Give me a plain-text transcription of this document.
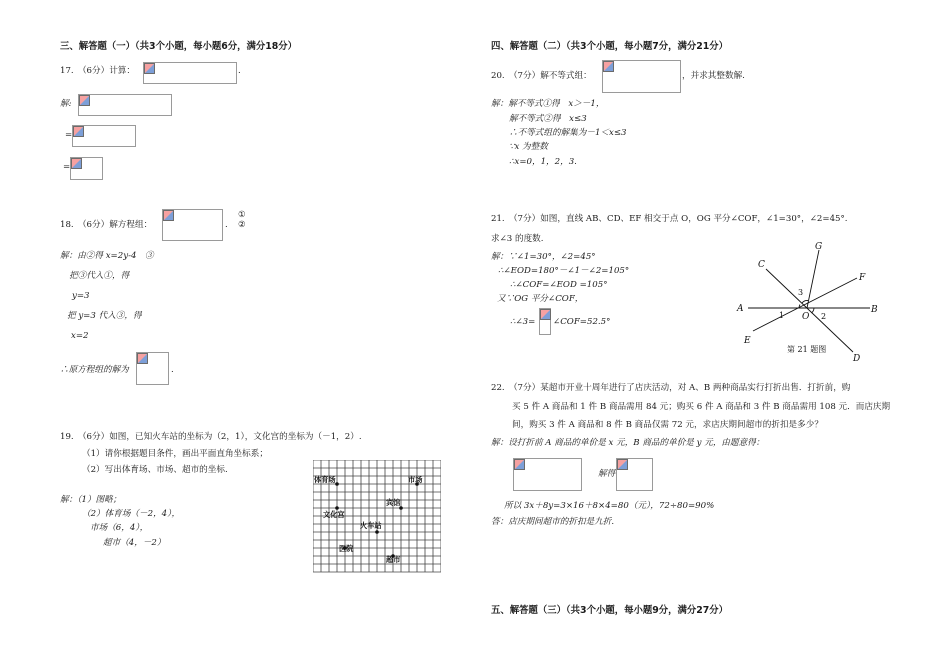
三、解答题（一）（共3个小题，每小题6分，满分18分）
17.　（6分）计算：	.
解:
=
=
18.　（6分）解方程组：	.
①
②
解：由②得 x=2y-4　③
把③代入①，得
y=3
把 y=3 代入③，得
x=2
∴原方程组的解为	.
19.　（6分）如图，已知火车站的坐标为（2，1），文化宫的坐标为（－1，2）.
（1）请你根据题目条件，画出平面直角坐标系；
（2）写出体育场、市场、超市的坐标.
解：（1）图略；
（2）体育场（－2，4），
市场（6，4），
超市（4，－2）
体育场	市场
宾馆
文化宫
火车站
医院
超市
四、解答题（二）（共3个小题，每小题7分，满分21分）
20.　（7分）解不等式组：	，并求其整数解.
解：解不等式①得　x＞－1，
解不等式②得　x≤3
∴不等式组的解集为－1＜x≤3
∵x 为整数
∴x=0，1，2，3.
21.　（7分）如图，直线 AB、CD、EF 相交于点 O，OG 平分∠COF，∠1=30°，∠2=45°.
求∠3 的度数.
解：∵∠1=30°，∠2=45°
∴∠EOD=180°－∠1－∠2=105°
∴∠COF=∠EOD =105°
又∵OG 平分∠COF，
∴∠3= ∠COF=52.5°
G
C
F
A	B
E
D
O
1	2
3
第 21 题图
22.　（7分）某超市开业十周年进行了店庆活动，对 A、B 两种商品实行打折出售．打折前，购
买 5 件 A 商品和 1 件 B 商品需用 84 元；购买 6 件 A 商品和 3 件 B 商品需用 108 元．而店庆期
间，购买 3 件 A 商品和 8 件 B 商品仅需 72 元，求店庆期间超市的折扣是多少？
解：设打折前 A 商品的单价是 x 元，B 商品的单价是 y 元，由题意得：
解得
所以 3x＋8y=3×16＋8×4=80（元），72÷80=90%
答：店庆期间超市的折扣是九折.
五、解答题（三）（共3个小题，每小题9分，满分27分）
